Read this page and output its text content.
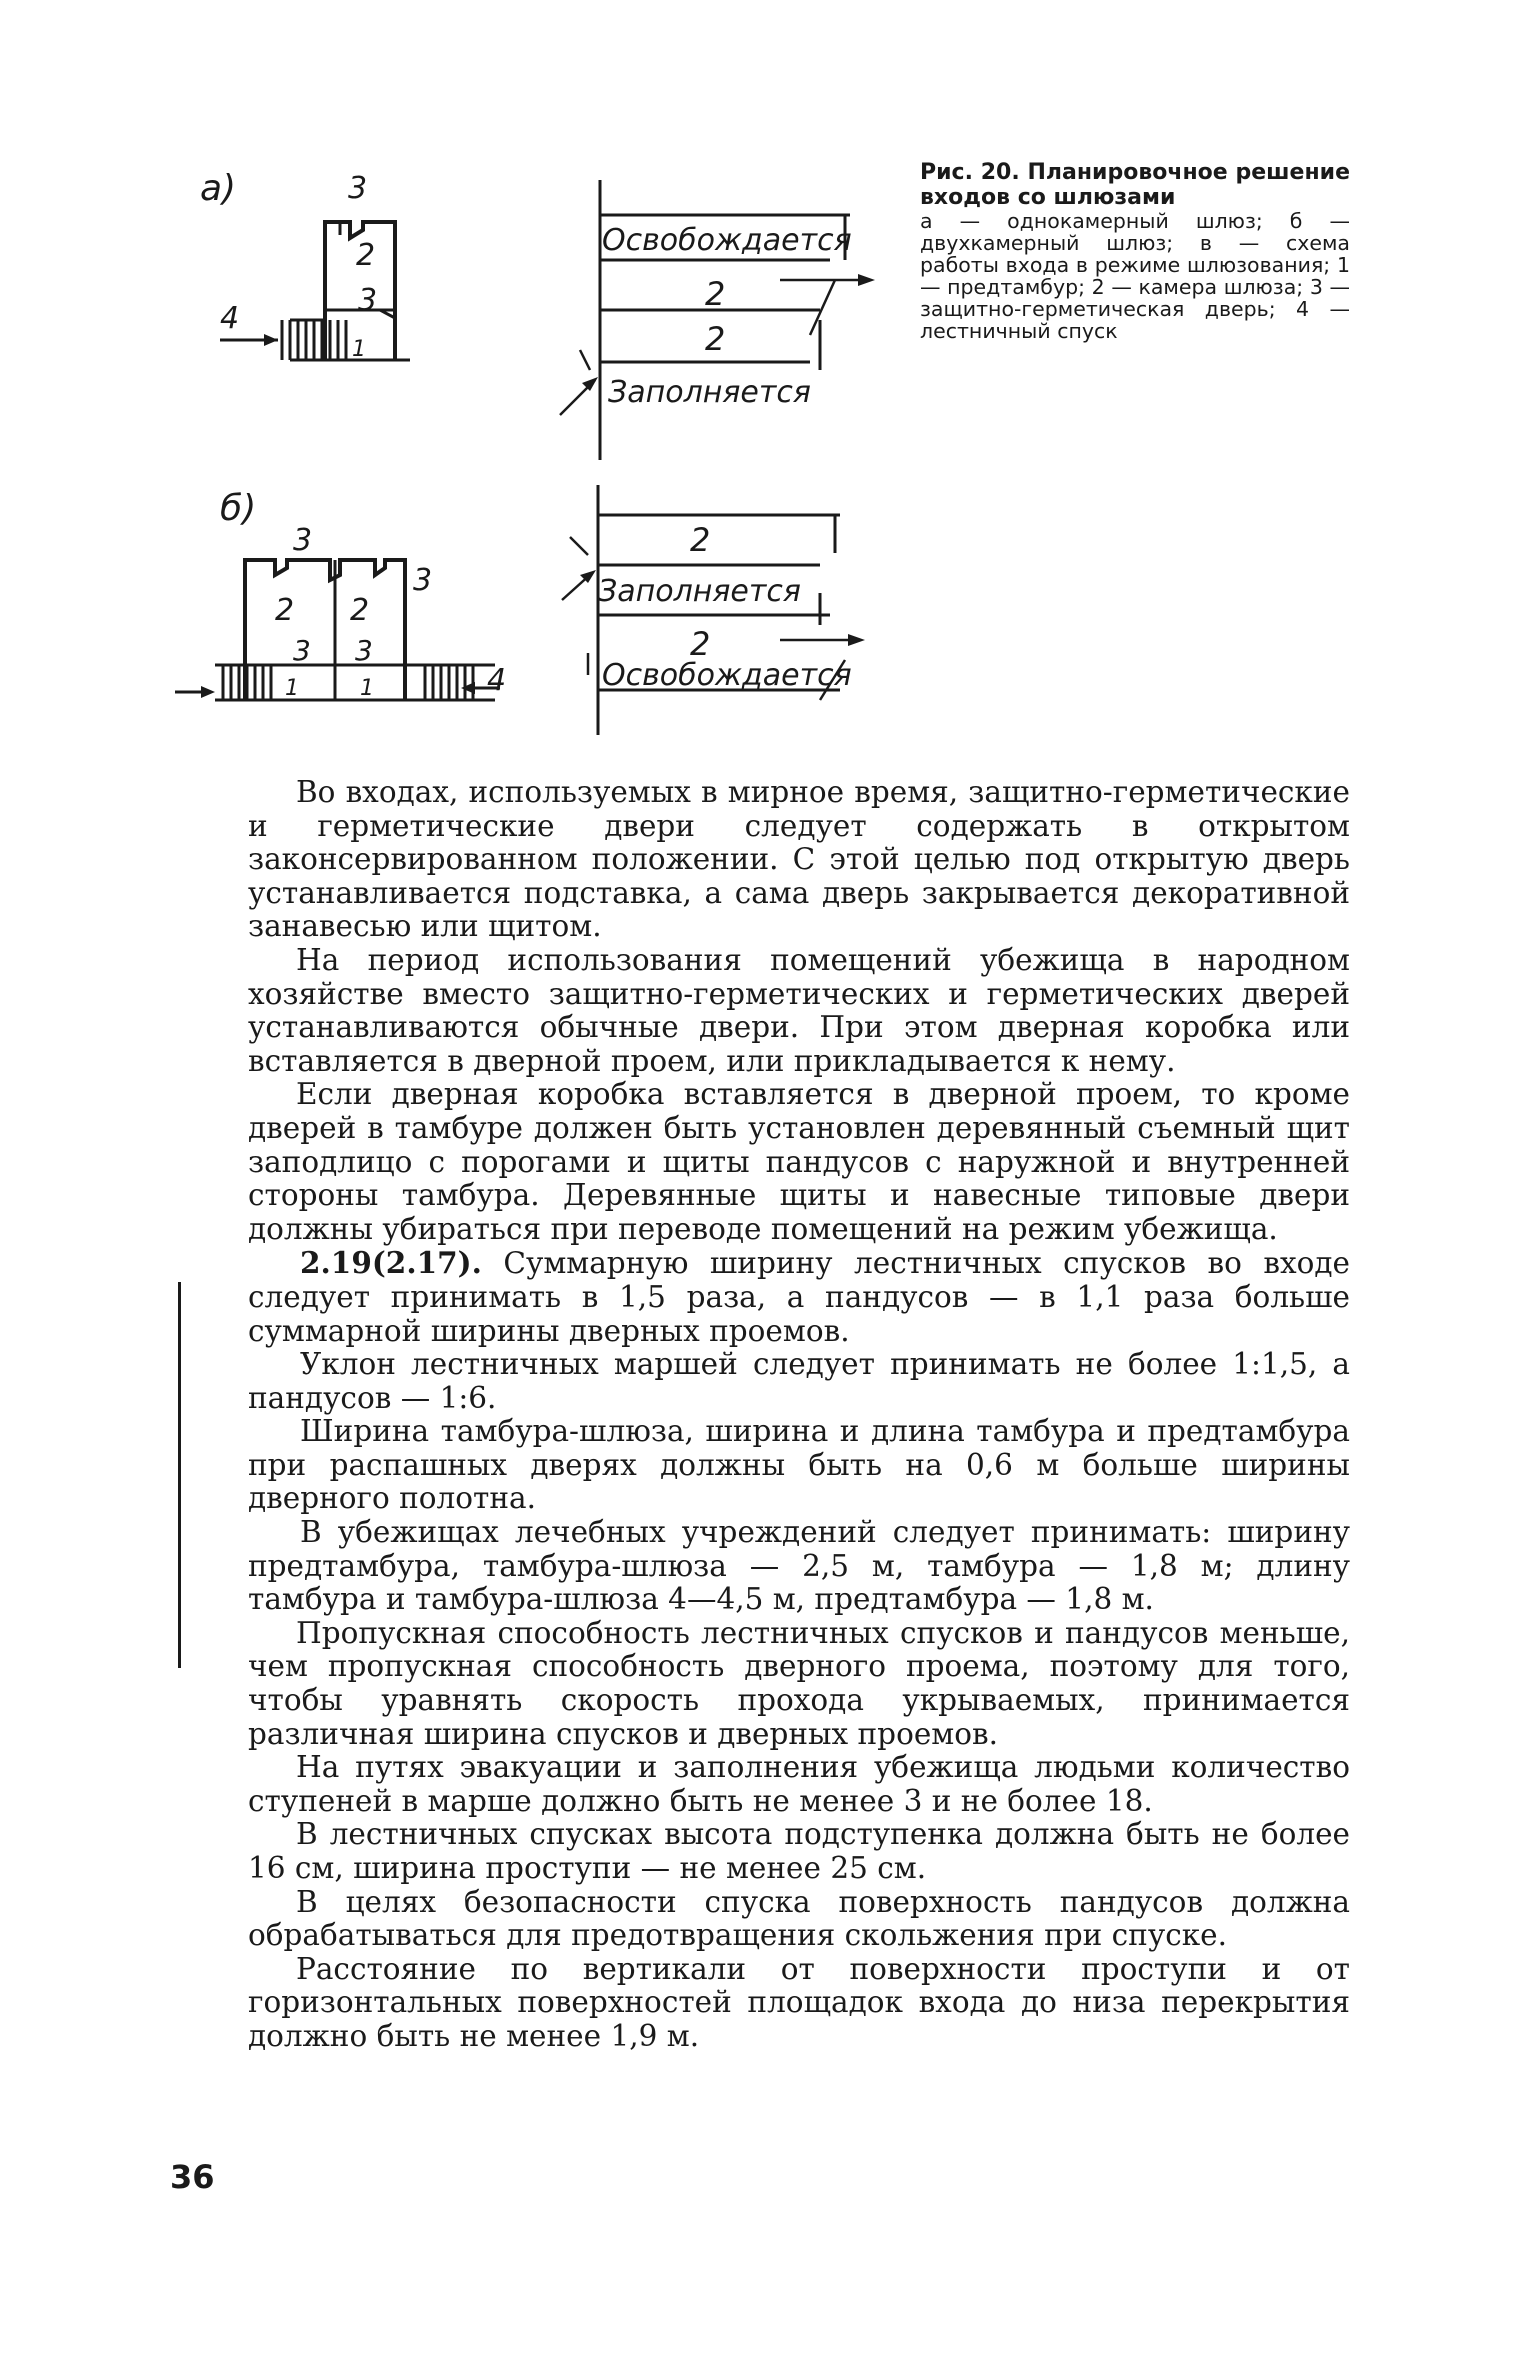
а)	3
2
3
4
1
Освобождается
2
2
Заполняется
б)
3
3
2 2
3 3
4
1	1
2
Заполняется
2
Освобождается
Рис. 20. Планировочное решение входов со шлюзами
а — однокамерный шлюз; б — двухкамерный шлюз; в — схема работы входа в режиме шлюзования; 1 — предтамбур; 2 — камера шлюза; 3 — защитно-герметическая дверь; 4 — лестничный спуск

Во входах, используемых в мирное время, защитно-герметические и герметические двери следует содержать в открытом законсервированном положении. С этой целью под открытую дверь устанавливается подставка, а сама дверь закрывается декоративной занавесью или щитом.

На период использования помещений убежища в народном хозяйстве вместо защитно-герметических и герметических дверей устанавливаются обычные двери. При этом дверная коробка или вставляется в дверной проем, или прикладывается к нему.

Если дверная коробка вставляется в дверной проем, то кроме дверей в тамбуре должен быть установлен деревянный съемный щит заподлицо с порогами и щиты пандусов с наружной и внутренней стороны тамбура. Деревянные щиты и навесные типовые двери должны убираться при переводе помещений на режим убежища.

2.19(2.17). Суммарную ширину лестничных спусков во входе следует принимать в 1,5 раза, а пандусов — в 1,1 раза больше суммарной ширины дверных проемов.

Уклон лестничных маршей следует принимать не более 1:1,5, а пандусов — 1:6.

Ширина тамбура-шлюза, ширина и длина тамбура и предтамбура при распашных дверях должны быть на 0,6 м больше ширины дверного полотна.

В убежищах лечебных учреждений следует принимать: ширину предтамбура, тамбура-шлюза — 2,5 м, тамбура — 1,8 м; длину тамбура и тамбура-шлюза 4—4,5 м, предтамбура — 1,8 м.

Пропускная способность лестничных спусков и пандусов меньше, чем пропускная способность дверного проема, поэтому для того, чтобы уравнять скорость прохода укрываемых, принимается различная ширина спусков и дверных проемов.

На путях эвакуации и заполнения убежища людьми количество ступеней в марше должно быть не менее 3 и не более 18.

В лестничных спусках высота подступенка должна быть не более 16 см, ширина проступи — не менее 25 см.

В целях безопасности спуска поверхность пандусов должна обрабатываться для предотвращения скольжения при спуске.

Расстояние по вертикали от поверхности проступи и от горизонтальных поверхностей площадок входа до низа перекрытия должно быть не менее 1,9 м.

36
